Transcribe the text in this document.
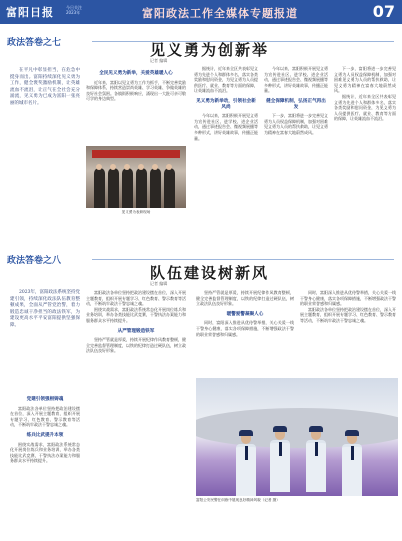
富阳日报	今日关注
2023年	富阳政法工作全媒体专题报道	07
政法答卷之七	见义勇为创新举
记者 编辑
在平凡中彰显担当，在危急中挺身而出。富阳持续深化见义勇为工作，健全褒奖激励机制，让英雄流血不流泪，让正气在全社会充分涌流，见义勇为已成为富阳一张亮丽的城市名片。
全民见义勇为新举，关爱英雄暖人心
近年来，富阳以见义勇为工作为抓手，不断完善奖励和保障体系，持续营造崇尚英雄、学习英雄、争做英雄的良好社会氛围。各镇街积极响应，涌现出一大批可亲可敬可学的身边典型。
见义勇为表彰现场
据统计，近年来全区共表彰见义勇为先进个人和群体多名，落实各类奖励和慰问资金，为见义勇为人员提供医疗、就业、教育等方面的保障，让英雄流血不流泪。
见义勇为新举动，引领社会新风尚
今年以来，富阳积极开展见义勇为宣传进社区、进学校、进企业活动，通过事迹报告会、微视频展播等多种形式，讲好英雄故事，传播正能量。
今年以来，富阳积极开展见义勇为宣传进社区、进学校、进企业活动，通过事迹报告会、微视频展播等多种形式，讲好英雄故事，传播正能量。
健全保障机制，弘扬正气再出发
下一步，富阳将进一步完善见义勇为人员权益保障机制，加强对困难见义勇为人员的帮扶救助，让见义勇为精神在富春大地蔚然成风。
下一步，富阳将进一步完善见义勇为人员权益保障机制，加强对困难见义勇为人员的帮扶救助，让见义勇为精神在富春大地蔚然成风。
据统计，近年来全区共表彰见义勇为先进个人和群体多名，落实各类奖励和慰问资金，为见义勇为人员提供医疗、就业、教育等方面的保障，让英雄流血不流泪。
政法答卷之八
队伍建设树新风
记者 编辑
2023年，富阳政法系统坚持党建引领，持续深化政法队伍教育整顿成果，全面从严管党治警，着力锻造忠诚干净担当的政法铁军，为建设更高水平平安富阳提供坚强保障。
党建引领强根铸魂
富阳政法各单位坚持把政治建设摆在首位，深入开展主题教育，组织开展专题学习、红色教育、警示教育等活动，不断筑牢政法干警忠诚之魂。
练兵比武提升本领
围绕实战需求，富阳政法系统常态化开展岗位练兵和业务培训，举办各类技能比武竞赛，干警执法办案能力和服务群众水平持续提升。
富阳政法各单位坚持把政治建设摆在首位，深入开展主题教育，组织开展专题学习、红色教育、警示教育等活动，不断筑牢政法干警忠诚之魂。
围绕实战需求，富阳政法系统常态化开展岗位练兵和业务培训，举办各类技能比武竞赛，干警执法办案能力和服务群众水平持续提升。
从严管理锻造铁军
坚持严管就是厚爱，持续开展纪律作风教育整顿，健全完善监督管理制度，以铁的纪律打造过硬队伍，树立政法队伍良好形象。
坚持严管就是厚爱，持续开展纪律作风教育整顿，健全完善监督管理制度，以铁的纪律打造过硬队伍，树立政法队伍良好形象。
暖警爱警凝聚人心
同时，富阳深入推进从优待警举措，关心关爱一线干警身心健康，落实各项保障措施，不断增强政法干警的职业荣誉感和归属感。
同时，富阳深入推进从优待警举措，关心关爱一线干警身心健康，落实各项保障措施，不断增强政法干警的职业荣誉感和归属感。
富阳政法各单位坚持把政治建设摆在首位，深入开展主题教育，组织开展专题学习、红色教育、警示教育等活动，不断筑牢政法干警忠诚之魂。
富阳公安民警在训练中展现良好精神风貌（记者 摄）
